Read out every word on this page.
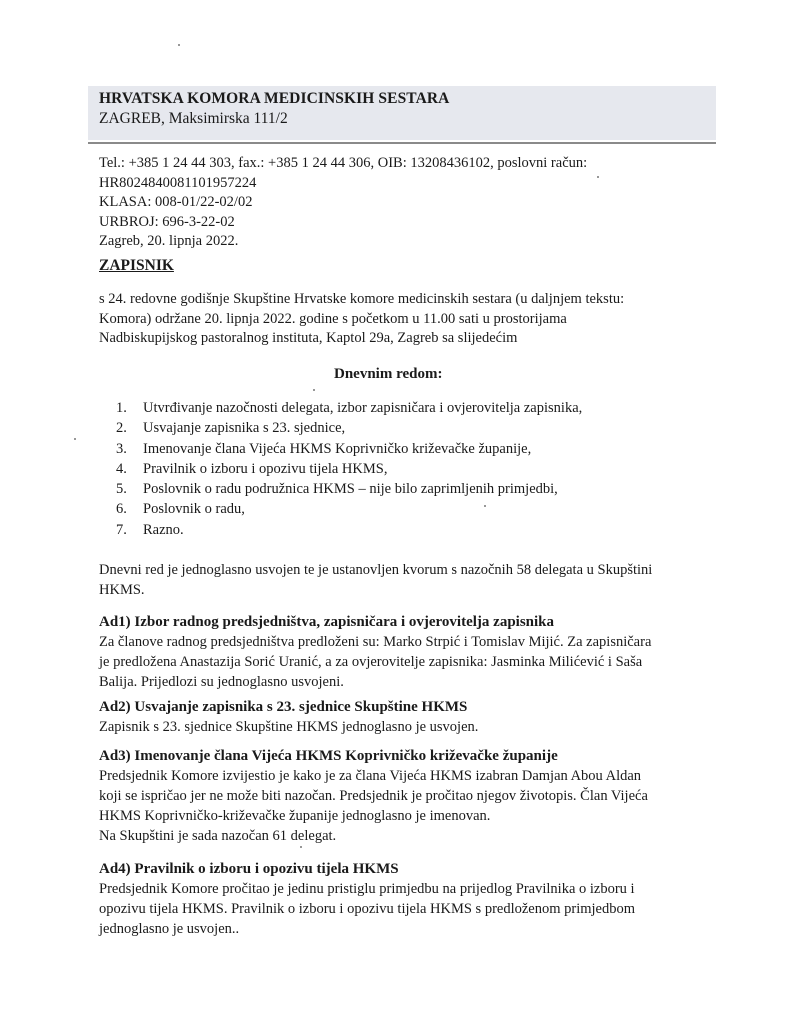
HRVATSKA KOMORA MEDICINSKIH SESTARA
ZAGREB, Maksimirska 111/2
Tel.: +385 1 24 44 303, fax.: +385 1 24 44 306, OIB: 13208436102, poslovni račun:
HR8024840081101957224
KLASA: 008-01/22-02/02
URBROJ: 696-3-22-02
Zagreb, 20. lipnja 2022.
ZAPISNIK
s 24. redovne godišnje Skupštine Hrvatske komore medicinskih sestara (u daljnjem tekstu:
Komora) održane 20. lipnja 2022. godine s početkom u 11.00 sati u prostorijama
Nadbiskupijskog pastoralnog instituta, Kaptol 29a, Zagreb sa slijedećim
Dnevnim redom:
1. Utvrđivanje nazočnosti delegata, izbor zapisničara i ovjerovitelja zapisnika,
2. Usvajanje zapisnika s 23. sjednice,
3. Imenovanje člana Vijeća HKMS Koprivničko križevačke županije,
4. Pravilnik o izboru i opozivu tijela HKMS,
5. Poslovnik o radu podružnica HKMS – nije bilo zaprimljenih primjedbi,
6. Poslovnik o radu,
7. Razno.
Dnevni red je jednoglasno usvojen te je ustanovljen kvorum s nazočnih 58 delegata u Skupštini
HKMS.
Ad1) Izbor radnog predsjedništva, zapisničara i ovjerovitelja zapisnika
Za članove radnog predsjedništva predloženi su: Marko Strpić i Tomislav Mijić. Za zapisničara
je predložena Anastazija Sorić Uranić, a za ovjerovitelje zapisnika: Jasminka Milićević i Saša
Balija. Prijedlozi su jednoglasno usvojeni.
Ad2) Usvajanje zapisnika s 23. sjednice Skupštine HKMS
Zapisnik s 23. sjednice Skupštine HKMS jednoglasno je usvojen.
Ad3) Imenovanje člana Vijeća HKMS Koprivničko križevačke županije
Predsjednik Komore izvijestio je kako je za člana Vijeća HKMS izabran Damjan Abou Aldan
koji se ispričao jer ne može biti nazočan. Predsjednik je pročitao njegov životopis. Član Vijeća
HKMS Koprivničko-križevačke županije jednoglasno je imenovan.
Na Skupštini je sada nazočan 61 delegat.
Ad4) Pravilnik o izboru i opozivu tijela HKMS
Predsjednik Komore pročitao je jedinu pristiglu primjedbu na prijedlog Pravilnika o izboru i
opozivu tijela HKMS. Pravilnik o izboru i opozivu tijela HKMS s predloženom primjedbom
jednoglasno je usvojen..
